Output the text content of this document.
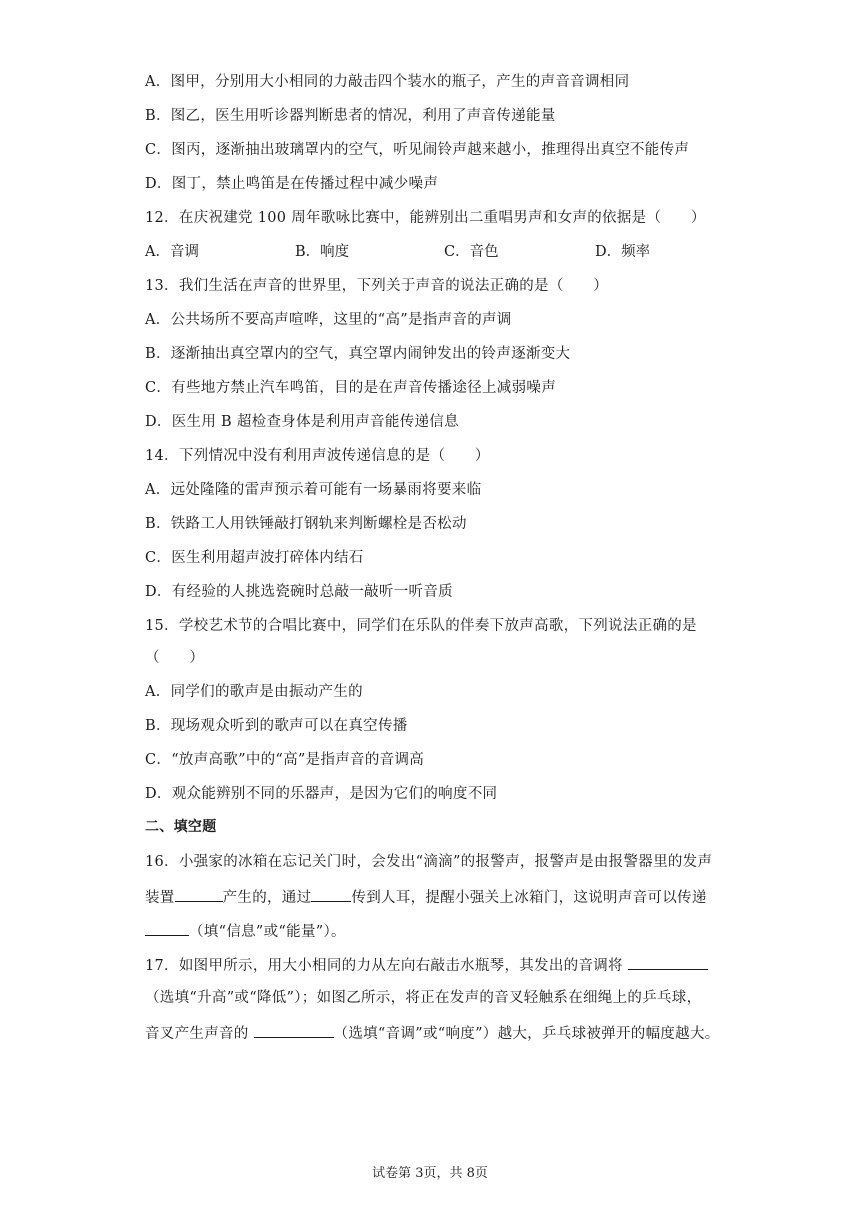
A．图甲，分别用大小相同的力敲击四个装水的瓶子，产生的声音音调相同
B．图乙，医生用听诊器判断患者的情况，利用了声音传递能量
C．图丙，逐渐抽出玻璃罩内的空气，听见闹铃声越来越小，推理得出真空不能传声
D．图丁，禁止鸣笛是在传播过程中减少噪声
12．在庆祝建党 100 周年歌咏比赛中，能辨别出二重唱男声和女声的依据是（　　）
A．音调	B．响度	C．音色	D．频率
13．我们生活在声音的世界里，下列关于声音的说法正确的是（　　）
A．公共场所不要高声喧哗，这里的“高”是指声音的声调
B．逐渐抽出真空罩内的空气，真空罩内闹钟发出的铃声逐渐变大
C．有些地方禁止汽车鸣笛，目的是在声音传播途径上减弱噪声
D．医生用 B 超检查身体是利用声音能传递信息
14．下列情况中没有利用声波传递信息的是（　　）
A．远处隆隆的雷声预示着可能有一场暴雨将要来临
B．铁路工人用铁锤敲打钢轨来判断螺栓是否松动
C．医生利用超声波打碎体内结石
D．有经验的人挑选瓷碗时总敲一敲听一听音质
15．学校艺术节的合唱比赛中，同学们在乐队的伴奏下放声高歌，下列说法正确的是
（　　）
A．同学们的歌声是由振动产生的
B．现场观众听到的歌声可以在真空传播
C．“放声高歌”中的“高”是指声音的音调高
D．观众能辨别不同的乐器声，是因为它们的响度不同
二、填空题
16．小强家的冰箱在忘记关门时，会发出“滴滴”的报警声，报警声是由报警器里的发声
装置	产生的，通过	传到人耳，提醒小强关上冰箱门，这说明声音可以传递
（填“信息”或“能量”）。
17．如图甲所示，用大小相同的力从左向右敲击水瓶琴，其发出的音调将
（选填“升高”或“降低”）；如图乙所示，将正在发声的音叉轻触系在细绳上的乒乓球，
音叉产生声音的	（选填“音调”或“响度”）越大，乒乓球被弹开的幅度越大。
试卷第 3页，共 8页
